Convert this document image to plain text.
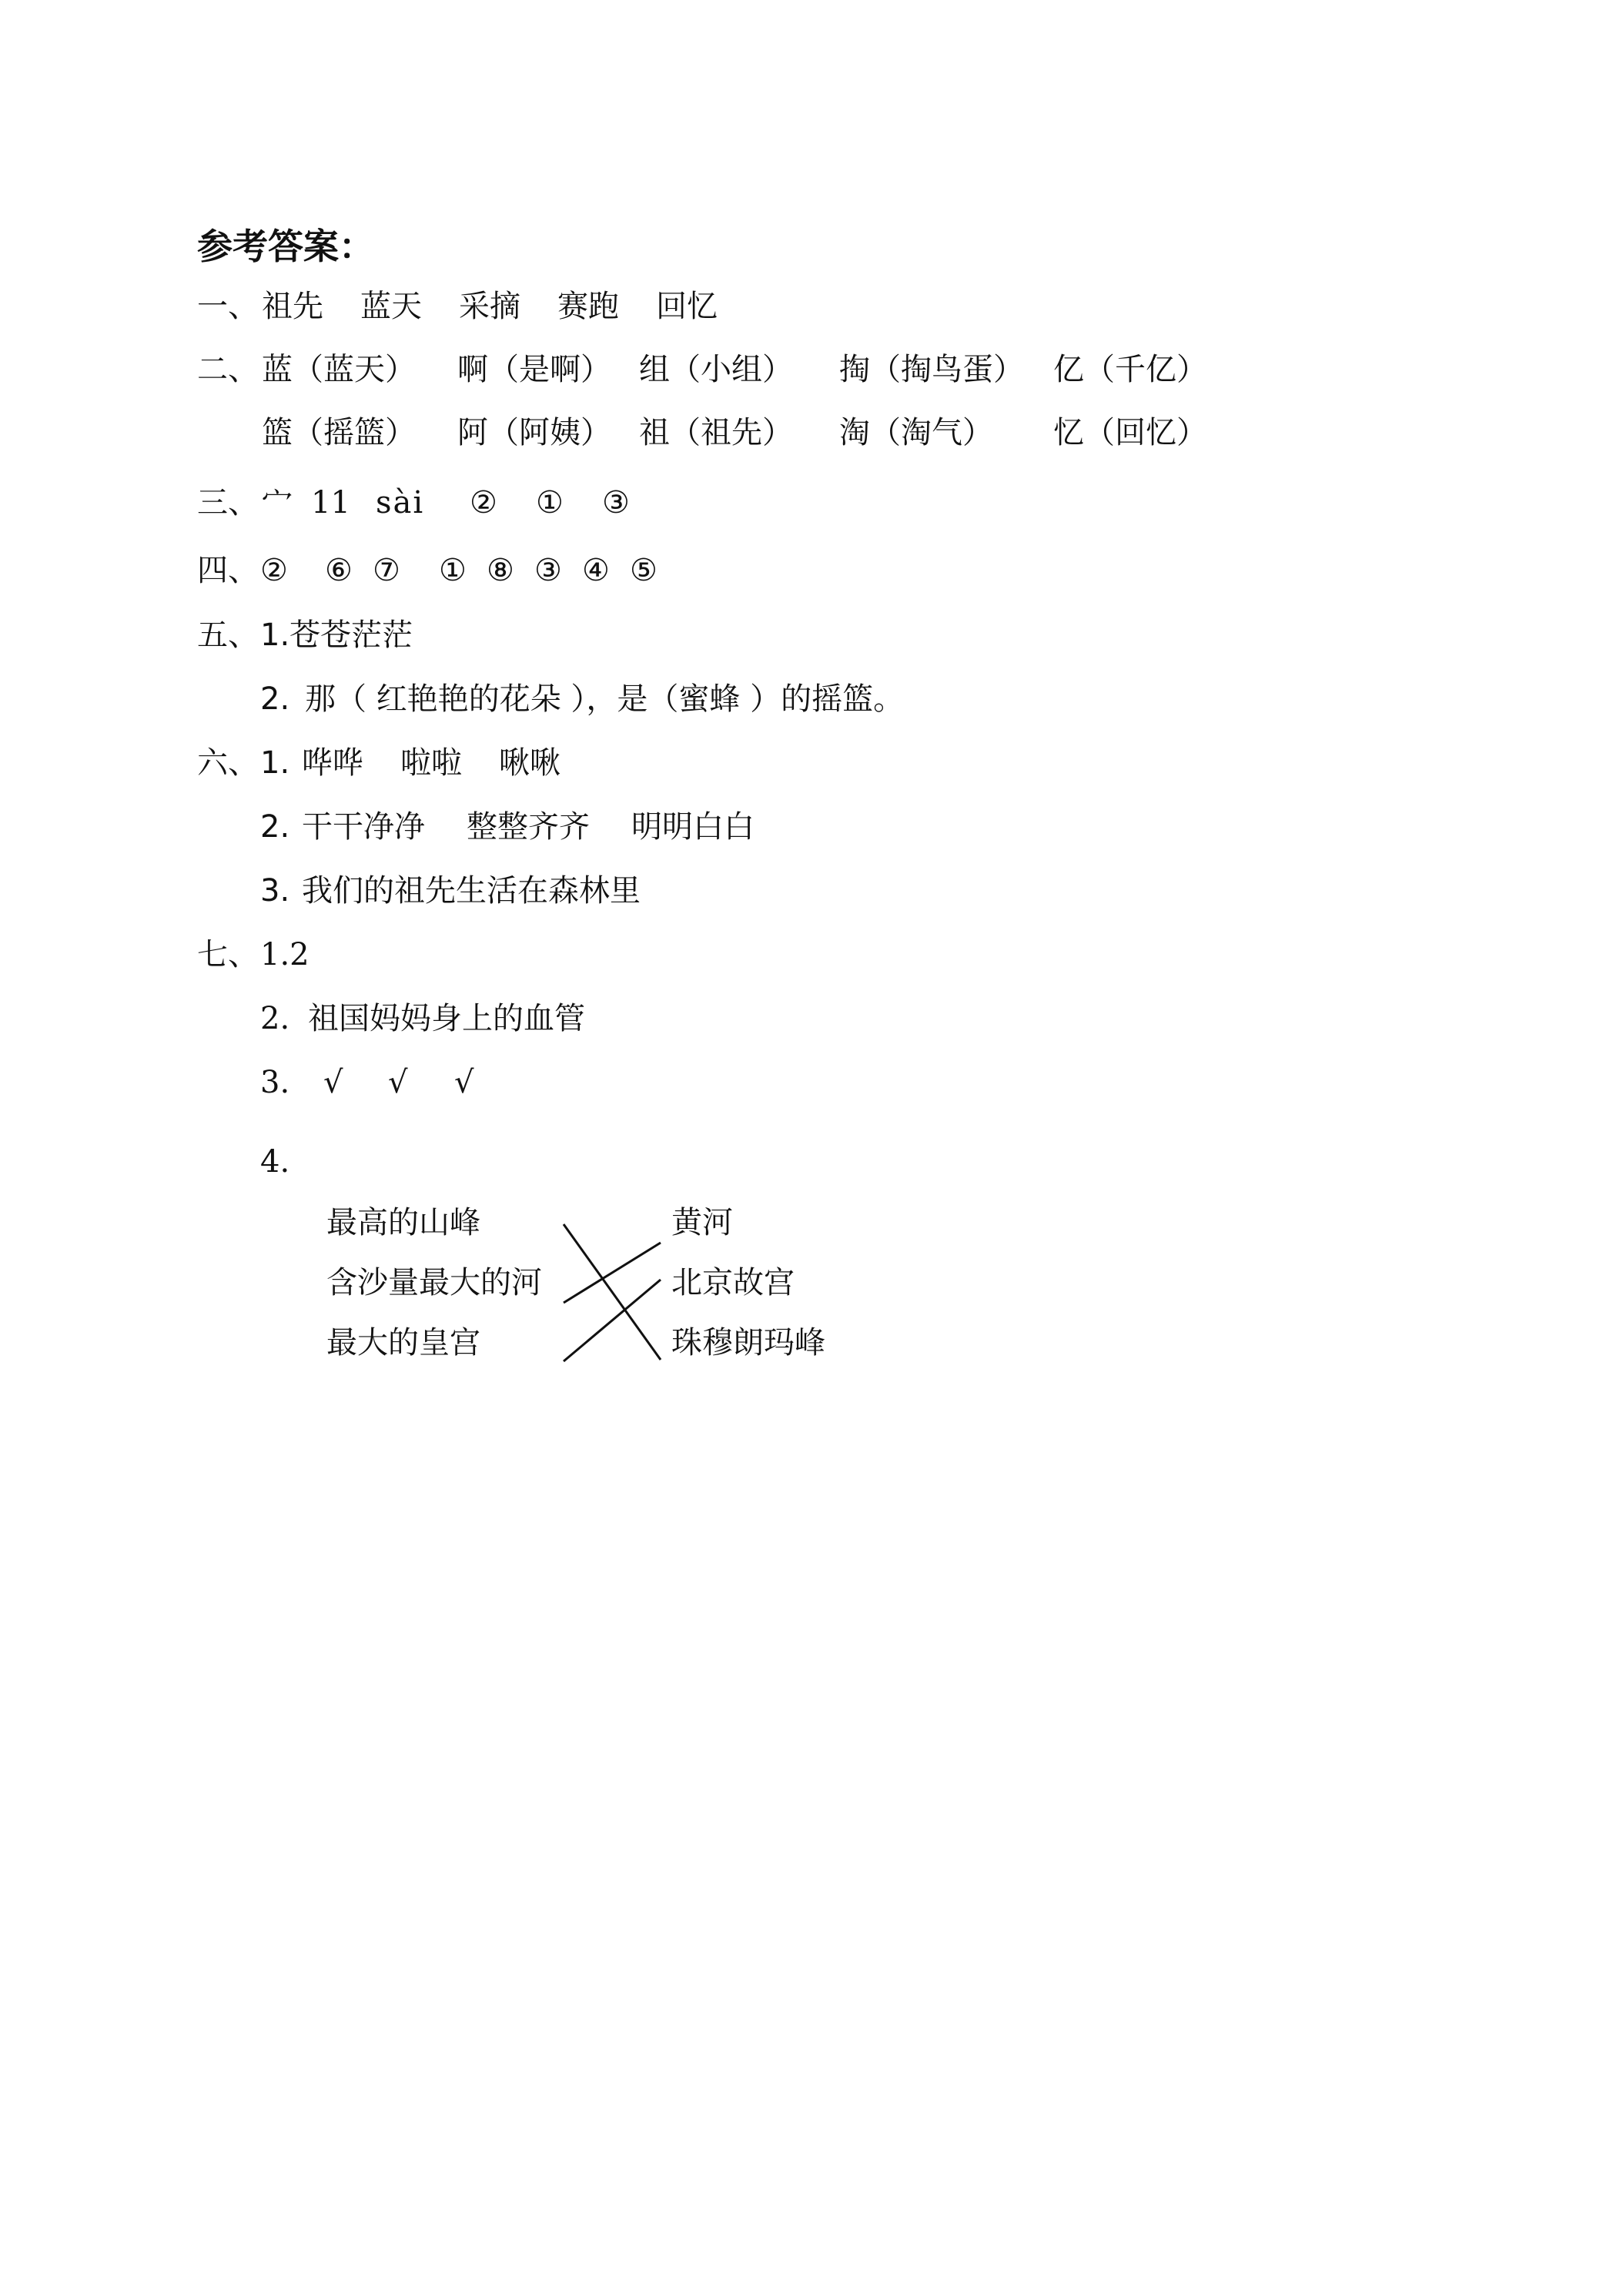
参考答案：
一、 祖先 蓝天 采摘 赛跑 回忆
二、 蓝（蓝天） 啊（是啊） 组（小组） 掏（掏鸟蛋） 亿（千亿）
篮（摇篮） 阿（阿姨） 祖（祖先） 淘（淘气） 忆（回忆）
三、 宀 11 sài ② ① ③
四、 ② ⑥ ⑦ ① ⑧ ③ ④ ⑤
五、 1. 苍苍茫茫
2. 那（ 红艳艳的花朵 ），是（蜜蜂 ）的摇篮。
六、 1. 哗哗 啦啦 啾啾
2. 干干净净 整整齐齐 明明白白
3. 我们的祖先生活在森林里
七、 1.2
2. 祖国妈妈身上的血管
3. √ √ √
4.
最高的山峰	黄河
含沙量最大的河	北京故宫
最大的皇宫	珠穆朗玛峰
